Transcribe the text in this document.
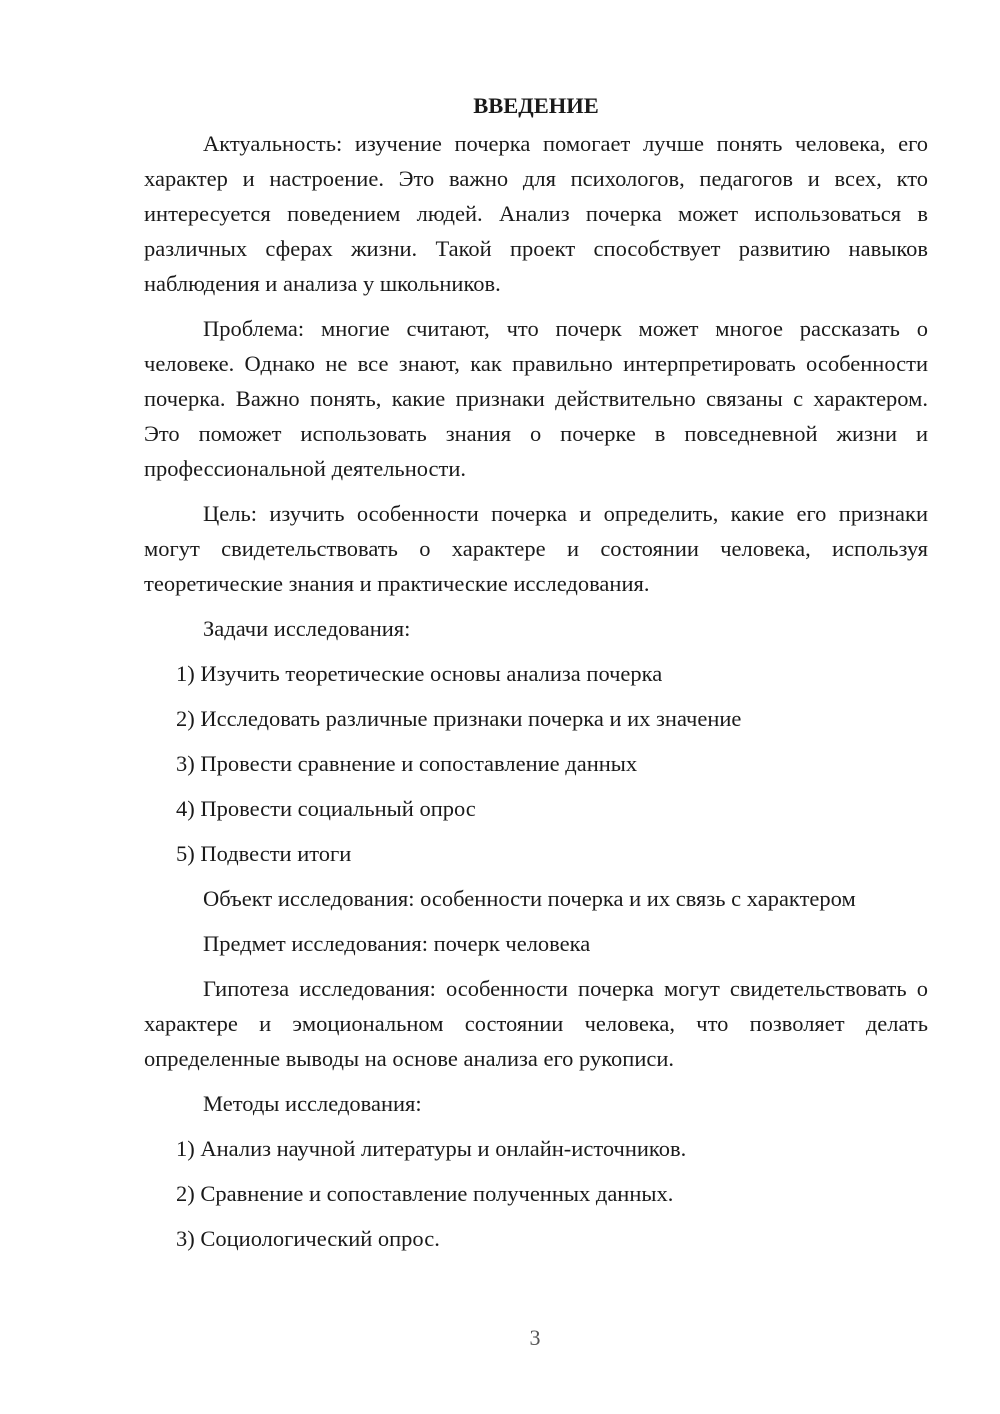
ВВЕДЕНИЕ

Актуальность: изучение почерка помогает лучше понять человека, его характер и настроение. Это важно для психологов, педагогов и всех, кто интересуется поведением людей. Анализ почерка может использоваться в различных сферах жизни. Такой проект способствует развитию навыков наблюдения и анализа у школьников.

Проблема: многие считают, что почерк может многое рассказать о человеке. Однако не все знают, как правильно интерпретировать особенности почерка. Важно понять, какие признаки действительно связаны с характером. Это поможет использовать знания о почерке в повседневной жизни и профессиональной деятельности.

Цель: изучить особенности почерка и определить, какие его признаки могут свидетельствовать о характере и состоянии человека, используя теоретические знания и практические исследования.

Задачи исследования:

1) Изучить теоретические основы анализа почерка
2) Исследовать различные признаки почерка и их значение
3) Провести сравнение и сопоставление данных
4) Провести социальный опрос
5) Подвести итоги

Объект исследования: особенности почерка и их связь с характером

Предмет исследования: почерк человека

Гипотеза исследования: особенности почерка могут свидетельствовать о характере и эмоциональном состоянии человека, что позволяет делать определенные выводы на основе анализа его рукописи.

Методы исследования:

1) Анализ научной литературы и онлайн-источников.
2) Сравнение и сопоставление полученных данных.
3) Социологический опрос.
3
